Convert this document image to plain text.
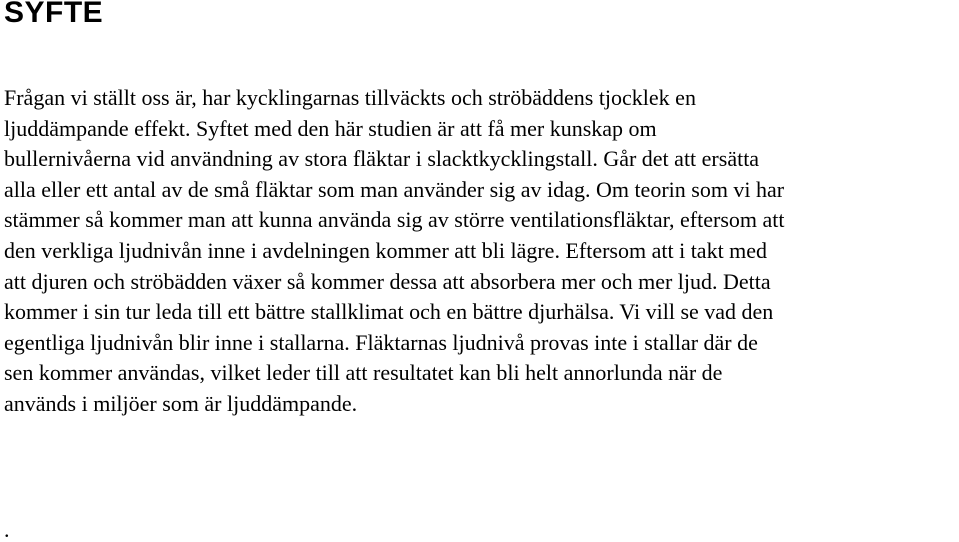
SYFTE
Frågan vi ställt oss är, har kycklingarnas tillväckts och ströbäddens tjocklek en
ljuddämpande effekt. Syftet med den här studien är att få mer kunskap om
bullernivåerna vid användning av stora fläktar i slacktkycklingstall. Går det att ersätta
alla eller ett antal av de små fläktar som man använder sig av idag. Om teorin som vi har
stämmer så kommer man att kunna använda sig av större ventilationsfläktar, eftersom att
den verkliga ljudnivån inne i avdelningen kommer att bli lägre. Eftersom att i takt med
att djuren och ströbädden växer så kommer dessa att absorbera mer och mer ljud. Detta
kommer i sin tur leda till ett bättre stallklimat och en bättre djurhälsa. Vi vill se vad den
egentliga ljudnivån blir inne i stallarna. Fläktarnas ljudnivå provas inte i stallar där de
sen kommer användas, vilket leder till att resultatet kan bli helt annorlunda när de
används i miljöer som är ljuddämpande.
.
